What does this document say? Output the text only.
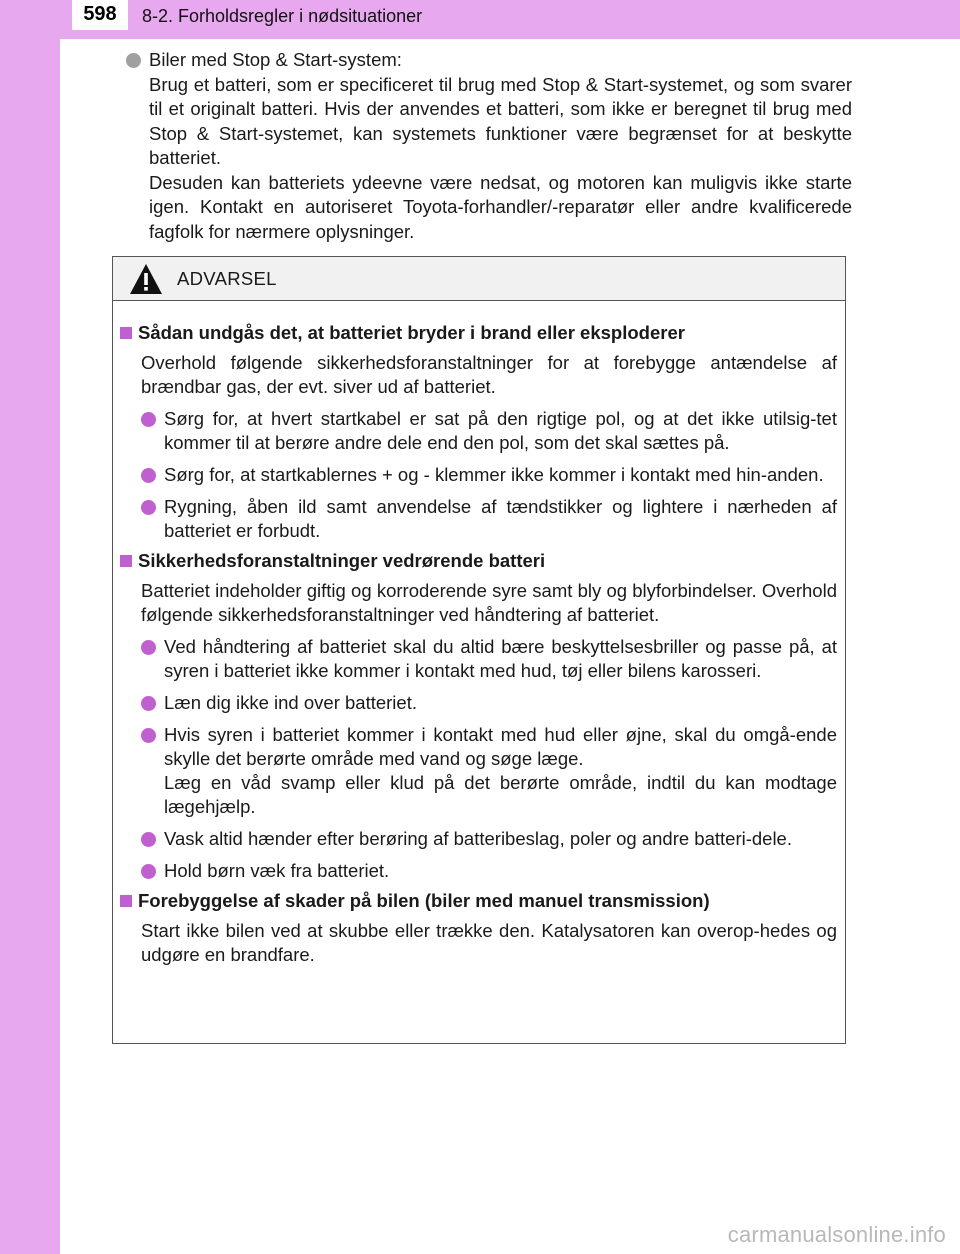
598	8-2. Forholdsregler i nødsituationer

Biler med Stop & Start-system:

Brug et batteri, som er specificeret til brug med Stop & Start-systemet, og som svarer til et originalt batteri. Hvis der anvendes et batteri, som ikke er beregnet til brug med Stop & Start-systemet, kan systemets funktioner være begrænset for at beskytte batteriet.

Desuden kan batteriets ydeevne være nedsat, og motoren kan muligvis ikke starte igen. Kontakt en autoriseret Toyota-forhandler/-reparatør eller andre kvalificerede fagfolk for nærmere oplysninger.

ADVARSEL
Sådan undgås det, at batteriet bryder i brand eller eksploderer
Overhold følgende sikkerhedsforanstaltninger for at forebygge antændelse af brændbar gas, der evt. siver ud af batteriet.

Sørg for, at hvert startkabel er sat på den rigtige pol, og at det ikke utilsig-tet kommer til at berøre andre dele end den pol, som det skal sættes på.

Sørg for, at startkablernes + og - klemmer ikke kommer i kontakt med hin-anden.

Rygning, åben ild samt anvendelse af tændstikker og lightere i nærheden af batteriet er forbudt.

Sikkerhedsforanstaltninger vedrørende batteri
Batteriet indeholder giftig og korroderende syre samt bly og blyforbindelser. Overhold følgende sikkerhedsforanstaltninger ved håndtering af batteriet.

Ved håndtering af batteriet skal du altid bære beskyttelsesbriller og passe på, at syren i batteriet ikke kommer i kontakt med hud, tøj eller bilens karosseri.

Læn dig ikke ind over batteriet.

Hvis syren i batteriet kommer i kontakt med hud eller øjne, skal du omgå-ende skylle det berørte område med vand og søge læge.
Læg en våd svamp eller klud på det berørte område, indtil du kan modtage lægehjælp.

Vask altid hænder efter berøring af batteribeslag, poler og andre batteri-dele.

Hold børn væk fra batteriet.

Forebyggelse af skader på bilen (biler med manuel transmission)
Start ikke bilen ved at skubbe eller trække den. Katalysatoren kan overop-hedes og udgøre en brandfare.
carmanualsonline.info
